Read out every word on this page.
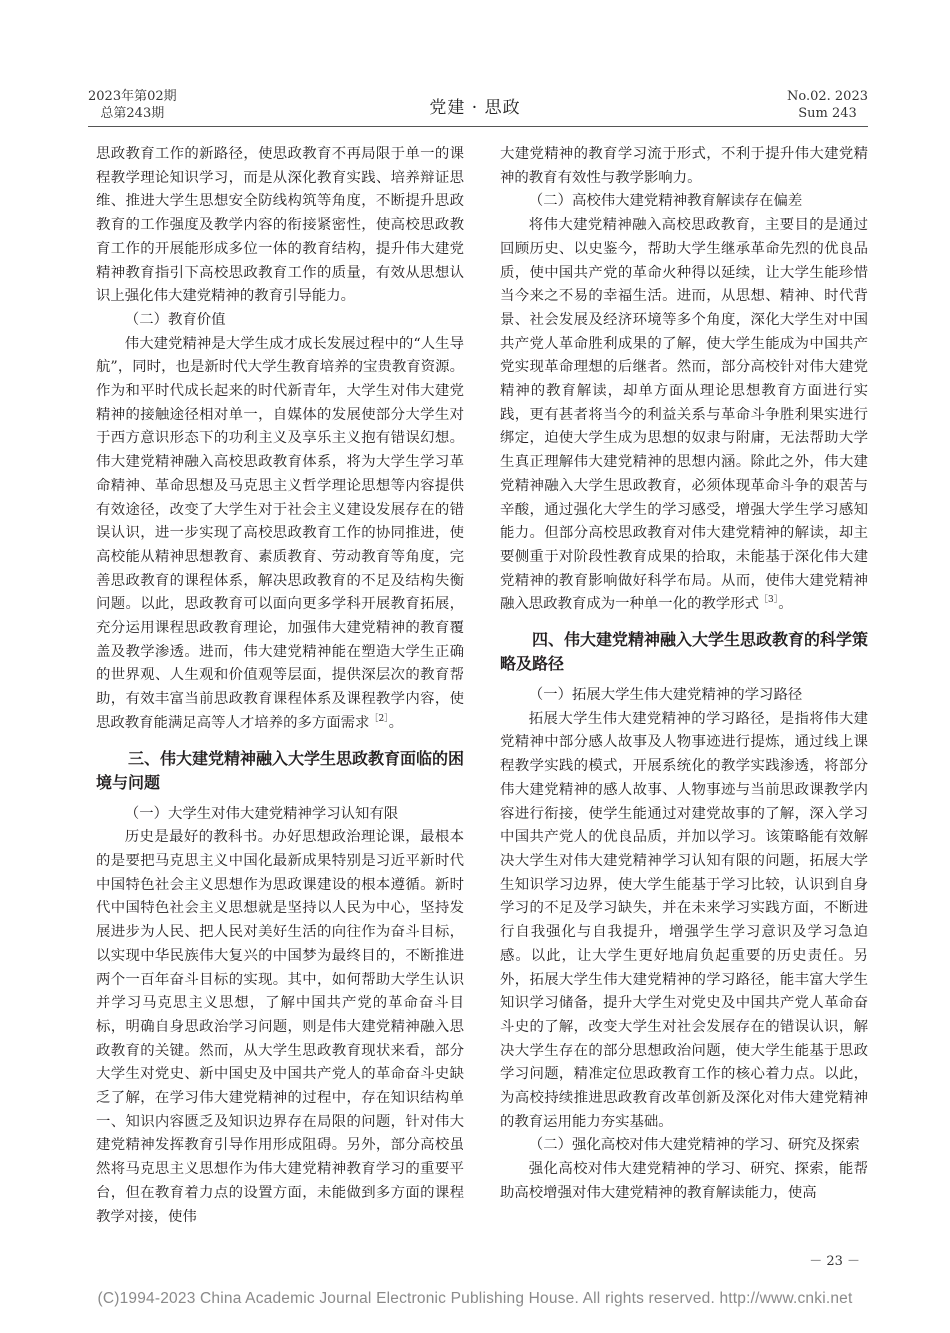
2023年第02期
总第243期	党建 · 思政
No.02. 2023
Sum 243

思政教育工作的新路径，使思政教育不再局限于单一的课程教学理论知识学习，而是从深化教育实践、培养辩证思维、推进大学生思想安全防线构筑等角度，不断提升思政教育的工作强度及教学内容的衔接紧密性，使高校思政教育工作的开展能形成多位一体的教育结构，提升伟大建党精神教育指引下高校思政教育工作的质量，有效从思想认识上强化伟大建党精神的教育引导能力。

（二）教育价值

伟大建党精神是大学生成才成长发展过程中的“人生导航”，同时，也是新时代大学生教育培养的宝贵教育资源。作为和平时代成长起来的时代新青年，大学生对伟大建党精神的接触途径相对单一，自媒体的发展使部分大学生对于西方意识形态下的功利主义及享乐主义抱有错误幻想。伟大建党精神融入高校思政教育体系，将为大学生学习革命精神、革命思想及马克思主义哲学理论思想等内容提供有效途径，改变了大学生对于社会主义建设发展存在的错误认识，进一步实现了高校思政教育工作的协同推进，使高校能从精神思想教育、素质教育、劳动教育等角度，完善思政教育的课程体系，解决思政教育的不足及结构失衡问题。以此，思政教育可以面向更多学科开展教育拓展，充分运用课程思政教育理论，加强伟大建党精神的教育覆盖及教学渗透。进而，伟大建党精神能在塑造大学生正确的世界观、人生观和价值观等层面，提供深层次的教育帮助，有效丰富当前思政教育课程体系及课程教学内容，使思政教育能满足高等人才培养的多方面需求$^{[2]}$。

三、伟大建党精神融入大学生思政教育面临的困境与问题

（一）大学生对伟大建党精神学习认知有限

历史是最好的教科书。办好思想政治理论课，最根本的是要把马克思主义中国化最新成果特别是习近平新时代中国特色社会主义思想作为思政课建设的根本遵循。新时代中国特色社会主义思想就是坚持以人民为中心，坚持发展进步为人民、把人民对美好生活的向往作为奋斗目标，以实现中华民族伟大复兴的中国梦为最终目的，不断推进两个一百年奋斗目标的实现。其中，如何帮助大学生认识并学习马克思主义思想，了解中国共产党的革命奋斗目标，明确自身思政治学习问题，则是伟大建党精神融入思政教育的关键。然而，从大学生思政教育现状来看，部分大学生对党史、新中国史及中国共产党人的革命奋斗史缺乏了解，在学习伟大建党精神的过程中，存在知识结构单一、知识内容匮乏及知识边界存在局限的问题，针对伟大建党精神发挥教育引导作用形成阻碍。另外，部分高校虽然将马克思主义思想作为伟大建党精神教育学习的重要平台，但在教育着力点的设置方面，未能做到多方面的课程教学对接，使伟

大建党精神的教育学习流于形式，不利于提升伟大建党精神的教育有效性与教学影响力。

（二）高校伟大建党精神教育解读存在偏差

将伟大建党精神融入高校思政教育，主要目的是通过回顾历史、以史鉴今，帮助大学生继承革命先烈的优良品质，使中国共产党的革命火种得以延续，让大学生能珍惜当今来之不易的幸福生活。进而，从思想、精神、时代背景、社会发展及经济环境等多个角度，深化大学生对中国共产党人革命胜利成果的了解，使大学生能成为中国共产党实现革命理想的后继者。然而，部分高校针对伟大建党精神的教育解读，却单方面从理论思想教育方面进行实践，更有甚者将当今的利益关系与革命斗争胜利果实进行绑定，迫使大学生成为思想的奴隶与附庸，无法帮助大学生真正理解伟大建党精神的思想内涵。除此之外，伟大建党精神融入大学生思政教育，必须体现革命斗争的艰苦与辛酸，通过强化大学生的学习感受，增强大学生学习感知能力。但部分高校思政教育对伟大建党精神的解读，却主要侧重于对阶段性教育成果的拾取，未能基于深化伟大建党精神的教育影响做好科学布局。从而，使伟大建党精神融入思政教育成为一种单一化的教学形式$^{[3]}$。

四、伟大建党精神融入大学生思政教育的科学策略及路径

（一）拓展大学生伟大建党精神的学习路径

拓展大学生伟大建党精神的学习路径，是指将伟大建党精神中部分感人故事及人物事迹进行提炼，通过线上课程教学实践的模式，开展系统化的教学实践渗透，将部分伟大建党精神的感人故事、人物事迹与当前思政课教学内容进行衔接，使学生能通过对建党故事的了解，深入学习中国共产党人的优良品质，并加以学习。该策略能有效解决大学生对伟大建党精神学习认知有限的问题，拓展大学生知识学习边界，使大学生能基于学习比较，认识到自身学习的不足及学习缺失，并在未来学习实践方面，不断进行自我强化与自我提升，增强学生学习意识及学习急迫感。以此，让大学生更好地肩负起重要的历史责任。另外，拓展大学生伟大建党精神的学习路径，能丰富大学生知识学习储备，提升大学生对党史及中国共产党人革命奋斗史的了解，改变大学生对社会发展存在的错误认识，解决大学生存在的部分思想政治问题，使大学生能基于思政学习问题，精准定位思政教育工作的核心着力点。以此，为高校持续推进思政教育改革创新及深化对伟大建党精神的教育运用能力夯实基础。

（二）强化高校对伟大建党精神的学习、研究及探索

强化高校对伟大建党精神的学习、研究、探索，能帮助高校增强对伟大建党精神的教育解读能力，使高

－ 23 －
(C)1994-2023 China Academic Journal Electronic Publishing House. All rights reserved. http://www.cnki.net
